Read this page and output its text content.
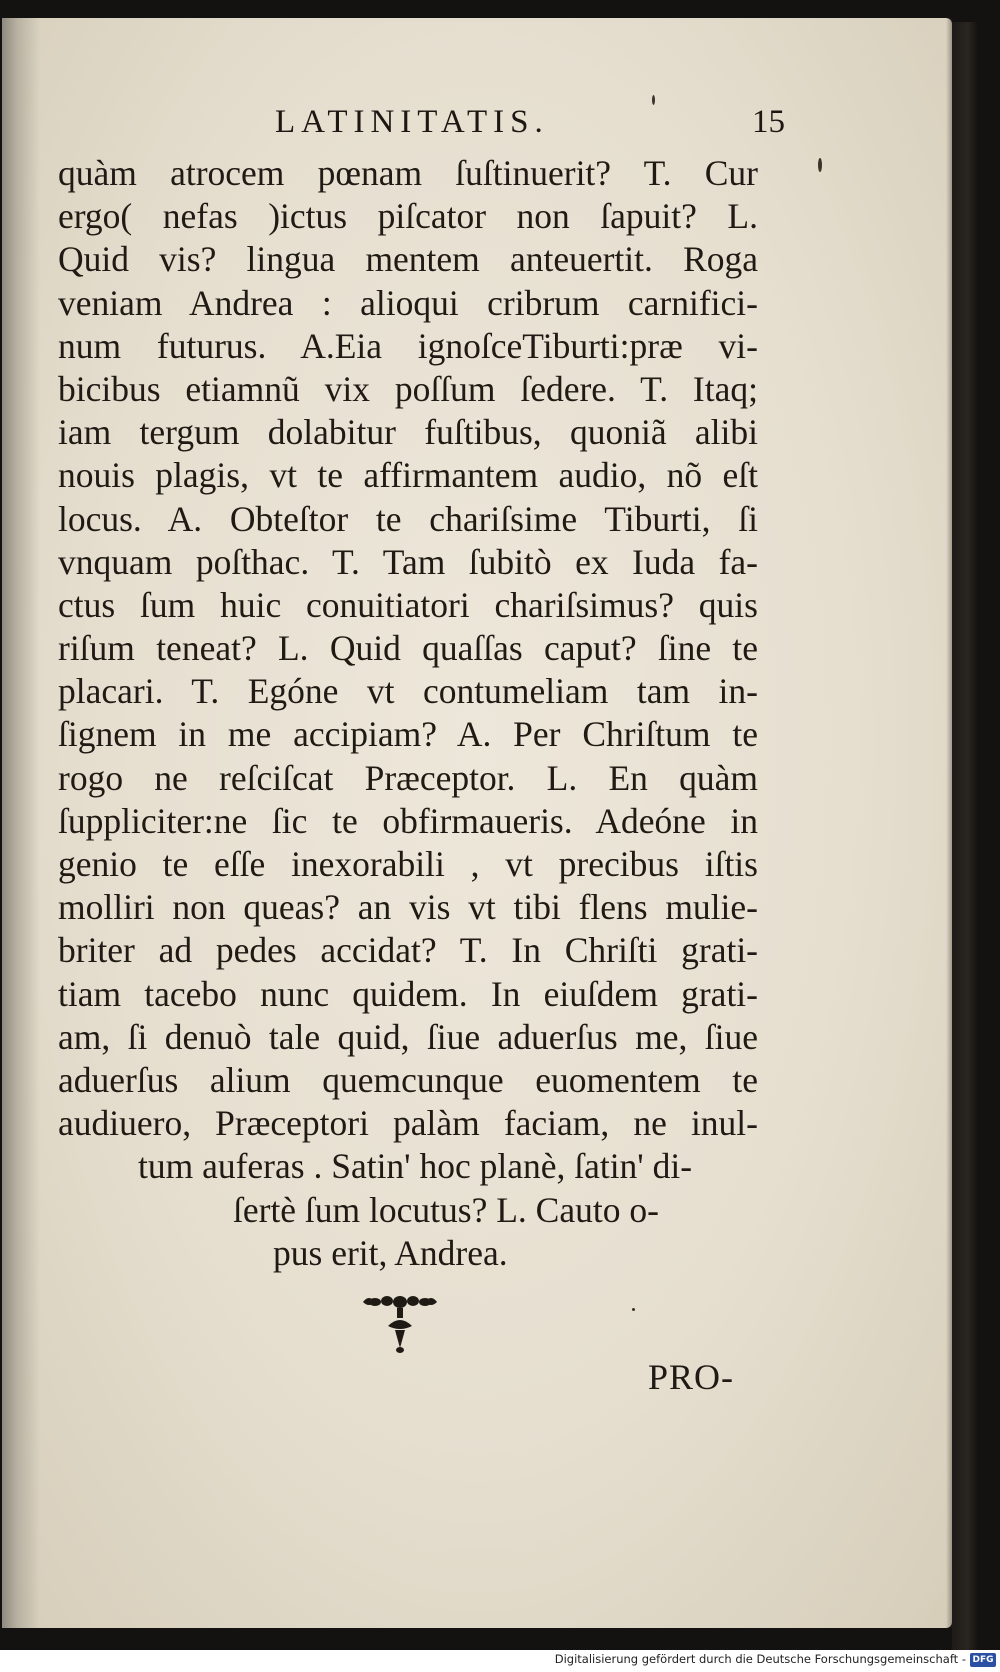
LATINITATIS.	15
quàm atrocem pœnam ſuſtinuerit? T. Cur
ergo( nefas )ictus piſcator non ſapuit? L.
Quid vis? lingua mentem anteuertit. Roga
veniam Andrea : alioqui cribrum carnifici-
num futurus. A.Eia ignoſceTiburti:præ vi-
bicibus etiamnũ vix poſſum ſedere. T. Itaq;
iam tergum dolabitur fuſtibus, quoniã alibi
nouis plagis, vt te affirmantem audio, nõ eſt
locus. A. Obteſtor te chariſsime Tiburti, ſi
vnquam poſthac. T. Tam ſubitò ex Iuda fa-
ctus ſum huic conuitiatori chariſsimus? quis
riſum teneat? L. Quid quaſſas caput? ſine te
placari. T. Egóne vt contumeliam tam in-
ſignem in me accipiam? A. Per Chriſtum te
rogo ne reſciſcat Præceptor. L. En quàm
ſuppliciter:ne ſic te obfirmaueris. Adeóne in
genio te eſſe inexorabili , vt precibus iſtis
molliri non queas? an vis vt tibi flens mulie-
briter ad pedes accidat? T. In Chriſti grati-
tiam tacebo nunc quidem. In eiuſdem grati-
am, ſi denuò tale quid, ſiue aduerſus me, ſiue
aduerſus alium quemcunque euomentem te
audiuero, Præceptori palàm faciam, ne inul-
tum auferas . Satin' hoc planè, ſatin' di-
ſertè ſum locutus? L. Cauto o-
pus erit, Andrea.
PRO-
Digitalisierung gefördert durch die Deutsche Forschungsgemeinschaft - DFG
